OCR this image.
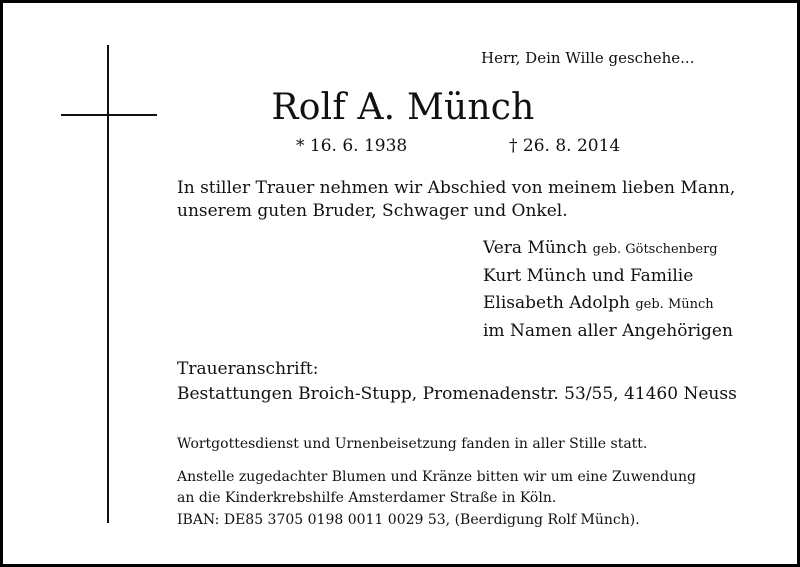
Herr, Dein Wille geschehe...
Rolf A. Münch
* 16. 6. 1938	† 26. 8. 2014
In stiller Trauer nehmen wir Abschied von meinem lieben Mann,
unserem guten Bruder, Schwager und Onkel.
Vera Münch geb. Götschenberg
Kurt Münch und Familie
Elisabeth Adolph geb. Münch
im Namen aller Angehörigen
Traueranschrift:
Bestattungen Broich-Stupp, Promenadenstr. 53/55, 41460 Neuss
Wortgottesdienst und Urnenbeisetzung fanden in aller Stille statt.
Anstelle zugedachter Blumen und Kränze bitten wir um eine Zuwendung
an die Kinderkrebshilfe Amsterdamer Straße in Köln.
IBAN: DE85 3705 0198 0011 0029 53, (Beerdigung Rolf Münch).
